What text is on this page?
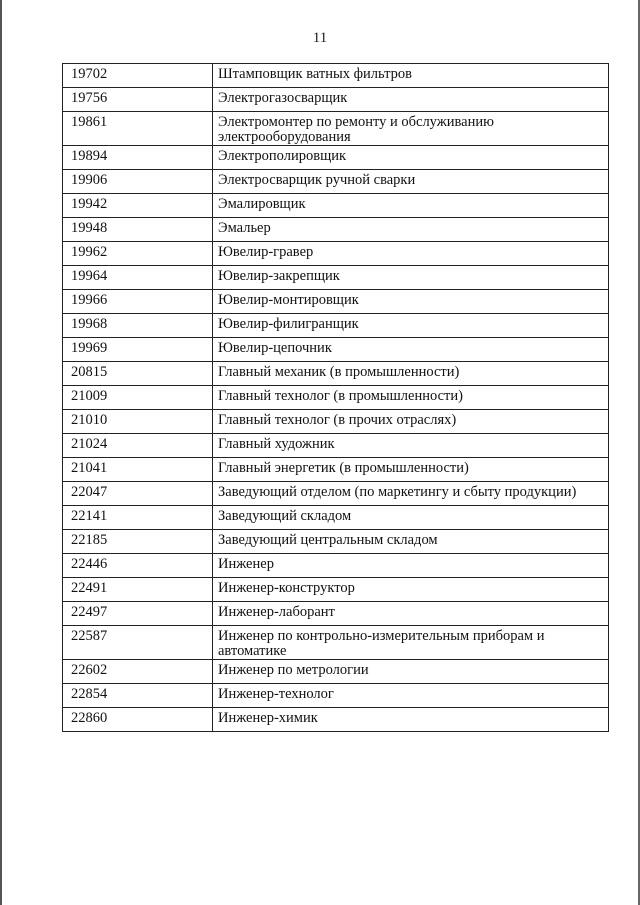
11
19702	Штамповщик ватных фильтров
19756	Электрогазосварщик
19861	Электромонтер по ремонту и обслуживанию электрооборудования
19894	Электрополировщик
19906	Электросварщик ручной сварки
19942	Эмалировщик
19948	Эмальер
19962	Ювелир-гравер
19964	Ювелир-закрепщик
19966	Ювелир-монтировщик
19968	Ювелир-филигранщик
19969	Ювелир-цепочник
20815	Главный механик (в промышленности)
21009	Главный технолог (в промышленности)
21010	Главный технолог (в прочих отраслях)
21024	Главный художник
21041	Главный энергетик (в промышленности)
22047	Заведующий отделом (по маркетингу и сбыту продукции)
22141	Заведующий складом
22185	Заведующий центральным складом
22446	Инженер
22491	Инженер-конструктор
22497	Инженер-лаборант
22587	Инженер по контрольно-измерительным приборам и автоматике
22602	Инженер по метрологии
22854	Инженер-технолог
22860	Инженер-химик
